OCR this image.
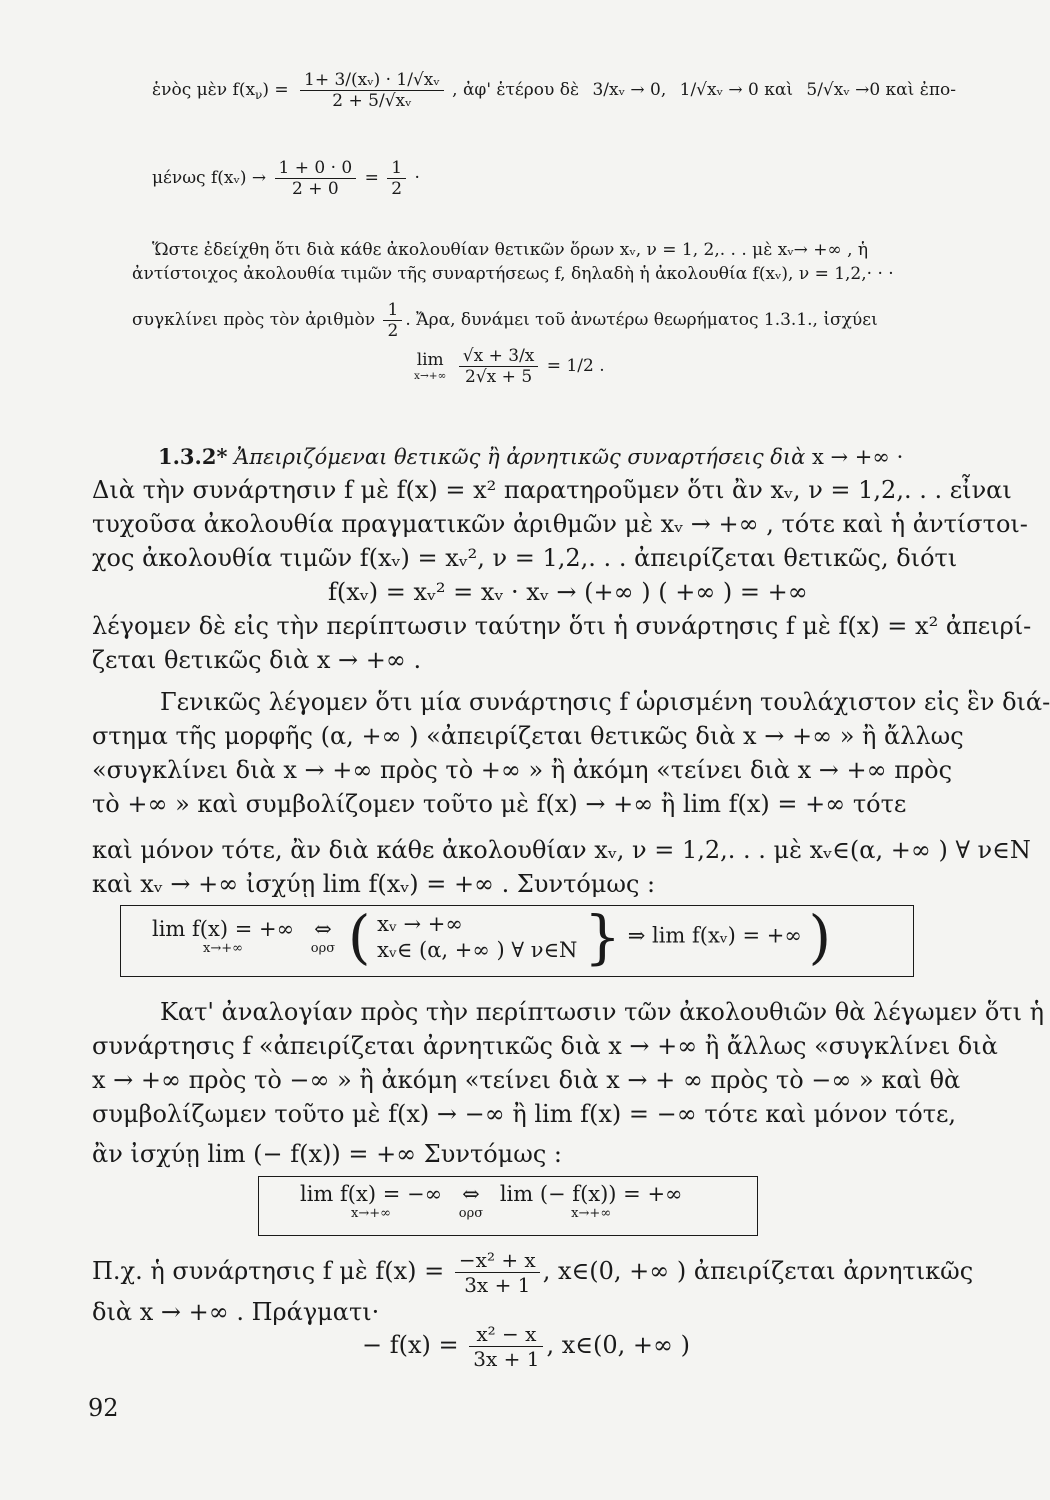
ἑνὸς μὲν $f(x_\nu) = \frac{\text{1+ 3/(xᵥ) · 1/√xᵥ}}{\text{2 + 5/√xᵥ}}$ , ἀφ' ἑτέρου δὲ 3/xᵥ → 0, 1/√xᵥ → 0 καὶ 5/√xᵥ →0 καὶ ἐπο-
μένως f(xᵥ) → $\frac{1 + 0 \cdot 0}{2 + 0} = \frac{1}{2}$ ·
Ὥστε ἐδείχθη ὅτι διὰ κάθε ἀκολουθίαν θετικῶν ὅρων xᵥ, ν = 1, 2,. . . μὲ xᵥ→ +∞ , ἡ
ἀντίστοιχος ἀκολουθία τιμῶν τῆς συναρτήσεως f, δηλαδὴ ἡ ἀκολουθία f(xᵥ), ν = 1,2,· · ·
συγκλίνει πρὸς τὸν ἀριθμὸν $\frac{1}{2}$ . Ἄρα, δυνάμει τοῦ ἀνωτέρω θεωρήματος 1.3.1., ἰσχύει
lim
x→+∞
$\frac{√x + 3/x}{2√x + 5} = 1/2$ .
1.3.2* Ἀπειριζόμεναι θετικῶς ἢ ἀρνητικῶς συναρτήσεις διὰ x → +∞ ·
Διὰ τὴν συνάρτησιν f μὲ f(x) = x² παρατηροῦμεν ὅτι ἂν xᵥ, ν = 1,2,. . . εἶναι
τυχοῦσα ἀκολουθία πραγματικῶν ἀριθμῶν μὲ xᵥ → +∞ , τότε καὶ ἡ ἀντίστοι-
χος ἀκολουθία τιμῶν f(xᵥ) = xᵥ², ν = 1,2,. . . ἀπειρίζεται θετικῶς, διότι
f(xᵥ) = xᵥ² = xᵥ · xᵥ → (+∞ ) ( +∞ ) = +∞
λέγομεν δὲ εἰς τὴν περίπτωσιν ταύτην ὅτι ἡ συνάρτησις f μὲ f(x) = x² ἀπειρί-
ζεται θετικῶς διὰ x → +∞ .
Γενικῶς λέγομεν ὅτι μία συνάρτησις f ὡρισμένη τουλάχιστον εἰς ἓν διά-
στημα τῆς μορφῆς (α, +∞ ) «ἀπειρίζεται θετικῶς διὰ x → +∞ » ἢ ἄλλως
«συγκλίνει διὰ x → +∞ πρὸς τὸ +∞ » ἢ ἀκόμη «τείνει διὰ x → +∞ πρὸς
τὸ +∞ » καὶ συμβολίζομεν τοῦτο μὲ f(x) → +∞ ἢ lim f(x) = +∞ τότε
καὶ μόνον τότε, ἂν διὰ κάθε ἀκολουθίαν xᵥ, ν = 1,2,. . . μὲ xᵥ∈(α, +∞ ) ∀ ν∈N
καὶ xᵥ → +∞ ἰσχύῃ lim f(xᵥ) = +∞ . Συντόμως :
lim f(x) = +∞
x→+∞

⇔
ορσ ( xᵥ → +∞
xᵥ∈ (α, +∞ ) ∀ ν∈N } ⇒ lim f(xᵥ) = +∞ )
Κατ' ἀναλογίαν πρὸς τὴν περίπτωσιν τῶν ἀκολουθιῶν θὰ λέγωμεν ὅτι ἡ
συνάρτησις f «ἀπειρίζεται ἀρνητικῶς διὰ x → +∞ ἢ ἄλλως «συγκλίνει διὰ
x → +∞ πρὸς τὸ −∞ » ἢ ἀκόμη «τείνει διὰ x → + ∞ πρὸς τὸ −∞ » καὶ θὰ
συμβολίζωμεν τοῦτο μὲ f(x) → −∞ ἢ lim f(x) = −∞ τότε καὶ μόνον τότε,
ἂν ἰσχύῃ lim (− f(x)) = +∞ Συντόμως :
lim f(x) = −∞
x→+∞

⇔
ορσ

lim (− f(x)) = +∞
x→+∞
Π.χ. ἡ συνάρτησις f μὲ $f(x) = \frac{\text{−x² + x}}{3x + 1}$ , x∈(0, +∞ ) ἀπειρίζεται ἀρνητικῶς
διὰ x → +∞ . Πράγματι·
− $f(x) = \frac{\text{x² − x}}{3x + 1}$ , x∈(0, +∞ )
92
